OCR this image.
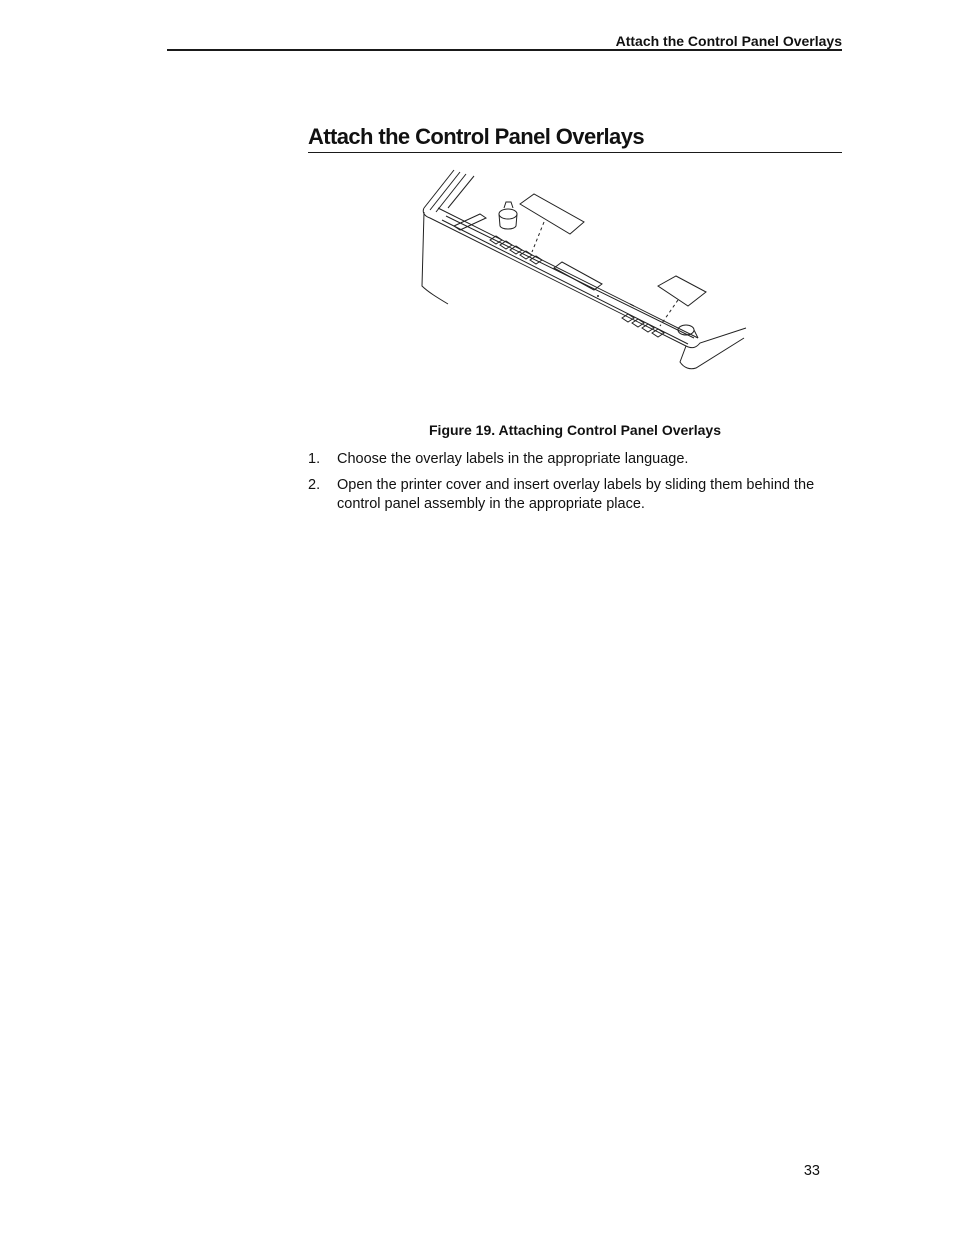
Attach the Control Panel Overlays
Attach the Control Panel Overlays
Figure 19. Attaching Control Panel Overlays
1. Choose the overlay labels in the appropriate language.
2. Open the printer cover and insert overlay labels by sliding them behind the control panel assembly in the appropriate place.
33
